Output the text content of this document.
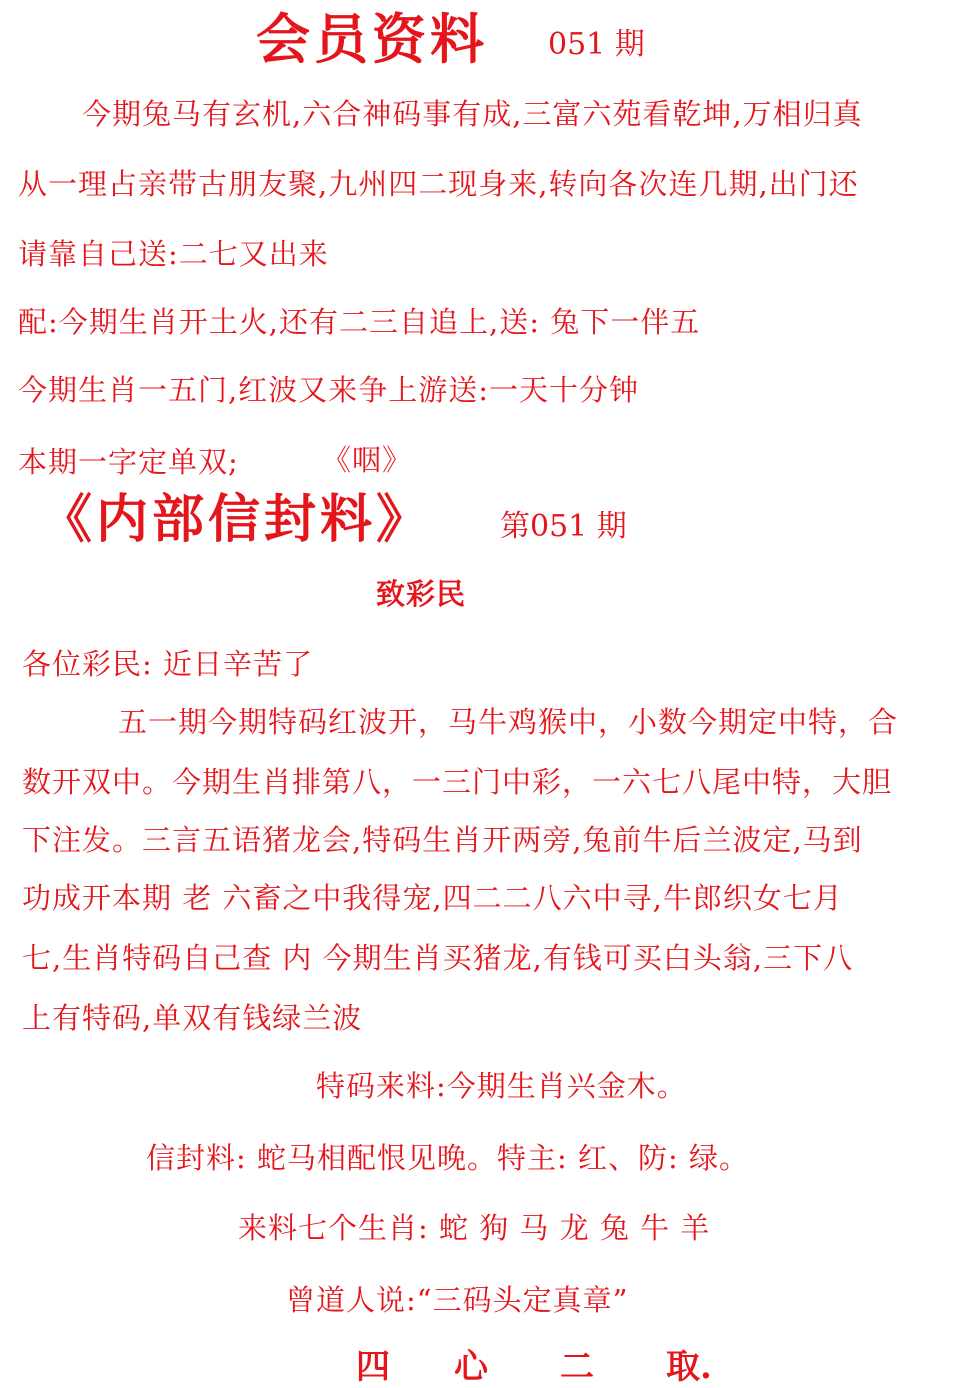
会员资料 051 期
今期兔马有玄机,六合神码事有成,三富六苑看乾坤,万相归真
从一理占亲带古朋友聚,九州四二现身来,转向各次连几期,出门还
请靠自己送:二七又出来
配:今期生肖开土火,还有二三自追上,送: 兔下一伴五
今期生肖一五门,红波又来争上游送:一天十分钟
本期一字定单双;	《咽》
《内部信封料》 第051 期
致彩民
各位彩民: 近日辛苦了
五一期今期特码红波开，马牛鸡猴中，小数今期定中特，合
数开双中。今期生肖排第八，一三门中彩，一六七八尾中特，大胆
下注发。三言五语猪龙会,特码生肖开两旁,兔前牛后兰波定,马到
功成开本期 老 六畜之中我得宠,四二二八六中寻,牛郎织女七月
七,生肖特码自己查 内 今期生肖买猪龙,有钱可买白头翁,三下八
上有特码,单双有钱绿兰波
特码来料:今期生肖兴金木。
信封料: 蛇马相配恨见晚。特主: 红、防: 绿。
来料七个生肖: 蛇 狗 马 龙 兔 牛 羊
曾道人说:“三码头定真章”
四 心 二 取.
